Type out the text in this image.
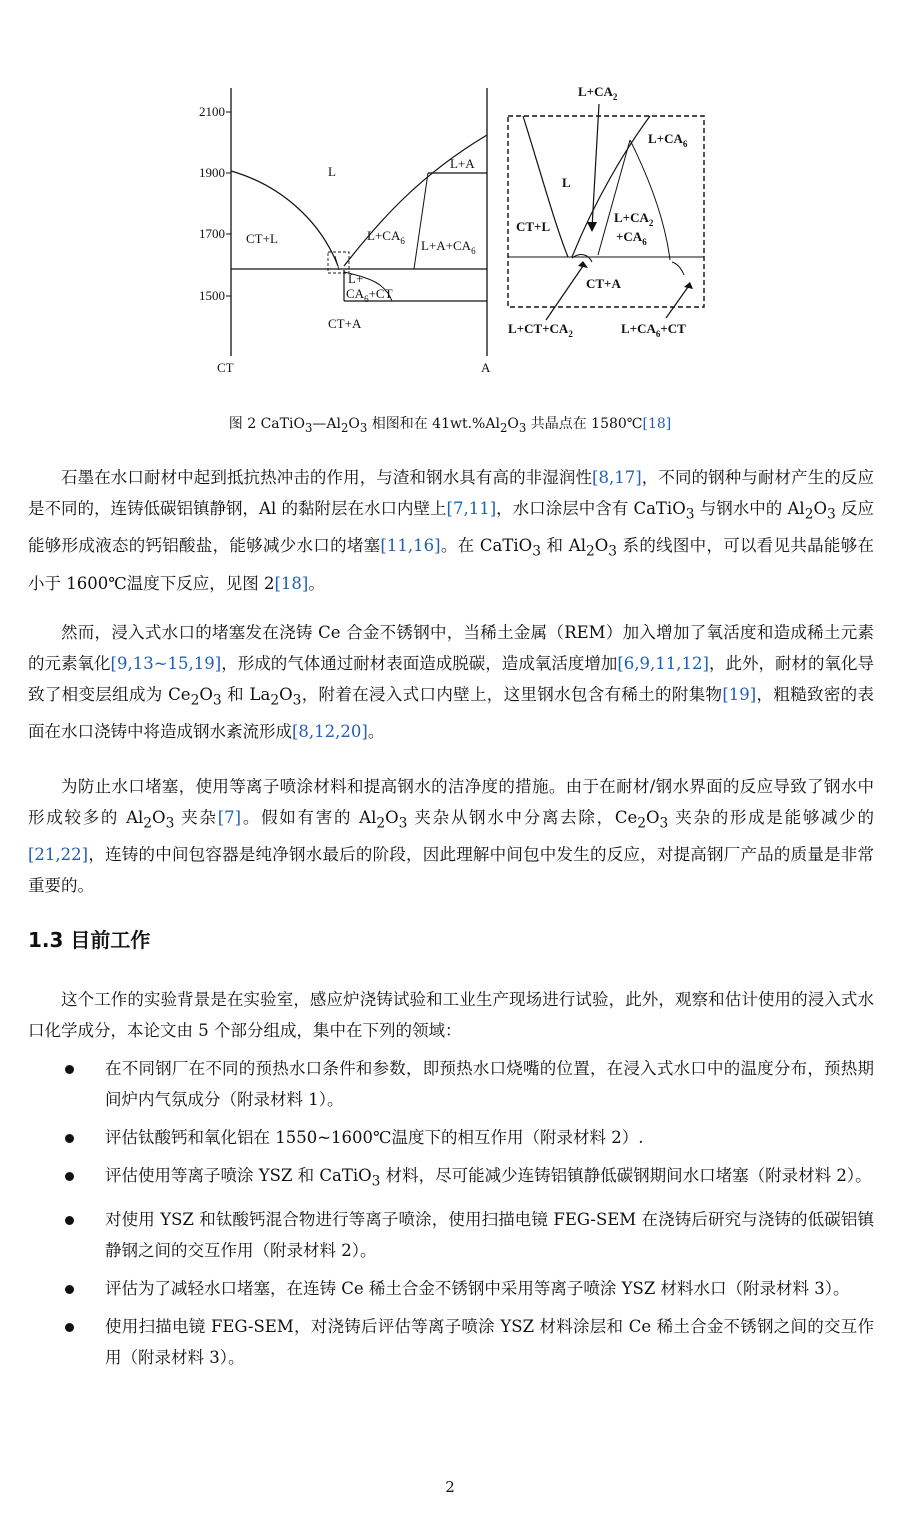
2100
1900
1700
1500
CT	A
L
CT+L	$L+CA_6$
L+A
$L+A+CA_6$
L+
$CA_6+CT$
CT+A
$L+CA_2$
$L+CA_6$
L
CT+L
$L+CA_2$
$+CA_6$
CT+A
$L+CT+CA_2$	$L+CA_6+CT$
图 2 $CaTiO_3—Al_2O_3$ 相图和在 $41wt.\%Al_2O_3$ 共晶点在 1580℃[18]

石墨在水口耐材中起到抵抗热冲击的作用，与渣和钢水具有高的非湿润性[8,17]，不同的钢种与耐材产生的反应是不同的，连铸低碳铝镇静钢，Al 的黏附层在水口内壁上[7,11]，水口涂层中含有 CaTiO$_3$ 与钢水中的 $Al_2O_3$ 反应能够形成液态的钙铝酸盐，能够减少水口的堵塞[11,16]。在 CaTiO$_3$ 和 $Al_2O_3$ 系的线图中，可以看见共晶能够在小于 1600℃温度下反应，见图 2[18]。

然而，浸入式水口的堵塞发在浇铸 Ce 合金不锈钢中，当稀土金属（REM）加入增加了氧活度和造成稀土元素的元素氧化[9,13~15,19]，形成的气体通过耐材表面造成脱碳，造成氧活度增加[6,9,11,12]，此外，耐材的氧化导致了相变层组成为 $Ce_2O_3$ 和 $La_2O_3$，附着在浸入式口内壁上，这里钢水包含有稀土的附集物[19]，粗糙致密的表面在水口浇铸中将造成钢水紊流形成[8,12,20]。

为防止水口堵塞，使用等离子喷涂材料和提高钢水的洁净度的措施。由于在耐材/钢水界面的反应导致了钢水中形成较多的 $Al_2O_3$ 夹杂[7]。假如有害的 $Al_2O_3$ 夹杂从钢水中分离去除，$Ce_2O_3$ 夹杂的形成是能够减少的[21,22]，连铸的中间包容器是纯净钢水最后的阶段，因此理解中间包中发生的反应，对提高钢厂产品的质量是非常重要的。

1.3 目前工作

这个工作的实验背景是在实验室，感应炉浇铸试验和工业生产现场进行试验，此外，观察和估计使用的浸入式水口化学成分，本论文由 5 个部分组成，集中在下列的领域：

在不同钢厂在不同的预热水口条件和参数，即预热水口烧嘴的位置，在浸入式水口中的温度分布，预热期间炉内气氛成分（附录材料 1）。
评估钛酸钙和氧化铝在 1550~1600℃温度下的相互作用（附录材料 2）.
评估使用等离子喷涂 YSZ 和 CaTiO$_3$ 材料，尽可能减少连铸铝镇静低碳钢期间水口堵塞（附录材料 2）。
对使用 YSZ 和钛酸钙混合物进行等离子喷涂，使用扫描电镜 FEG-SEM 在浇铸后研究与浇铸的低碳铝镇静钢之间的交互作用（附录材料 2）。
评估为了减轻水口堵塞，在连铸 Ce 稀土合金不锈钢中采用等离子喷涂 YSZ 材料水口（附录材料 3）。
使用扫描电镜 FEG-SEM，对浇铸后评估等离子喷涂 YSZ 材料涂层和 Ce 稀土合金不锈钢之间的交互作用（附录材料 3）。
2
